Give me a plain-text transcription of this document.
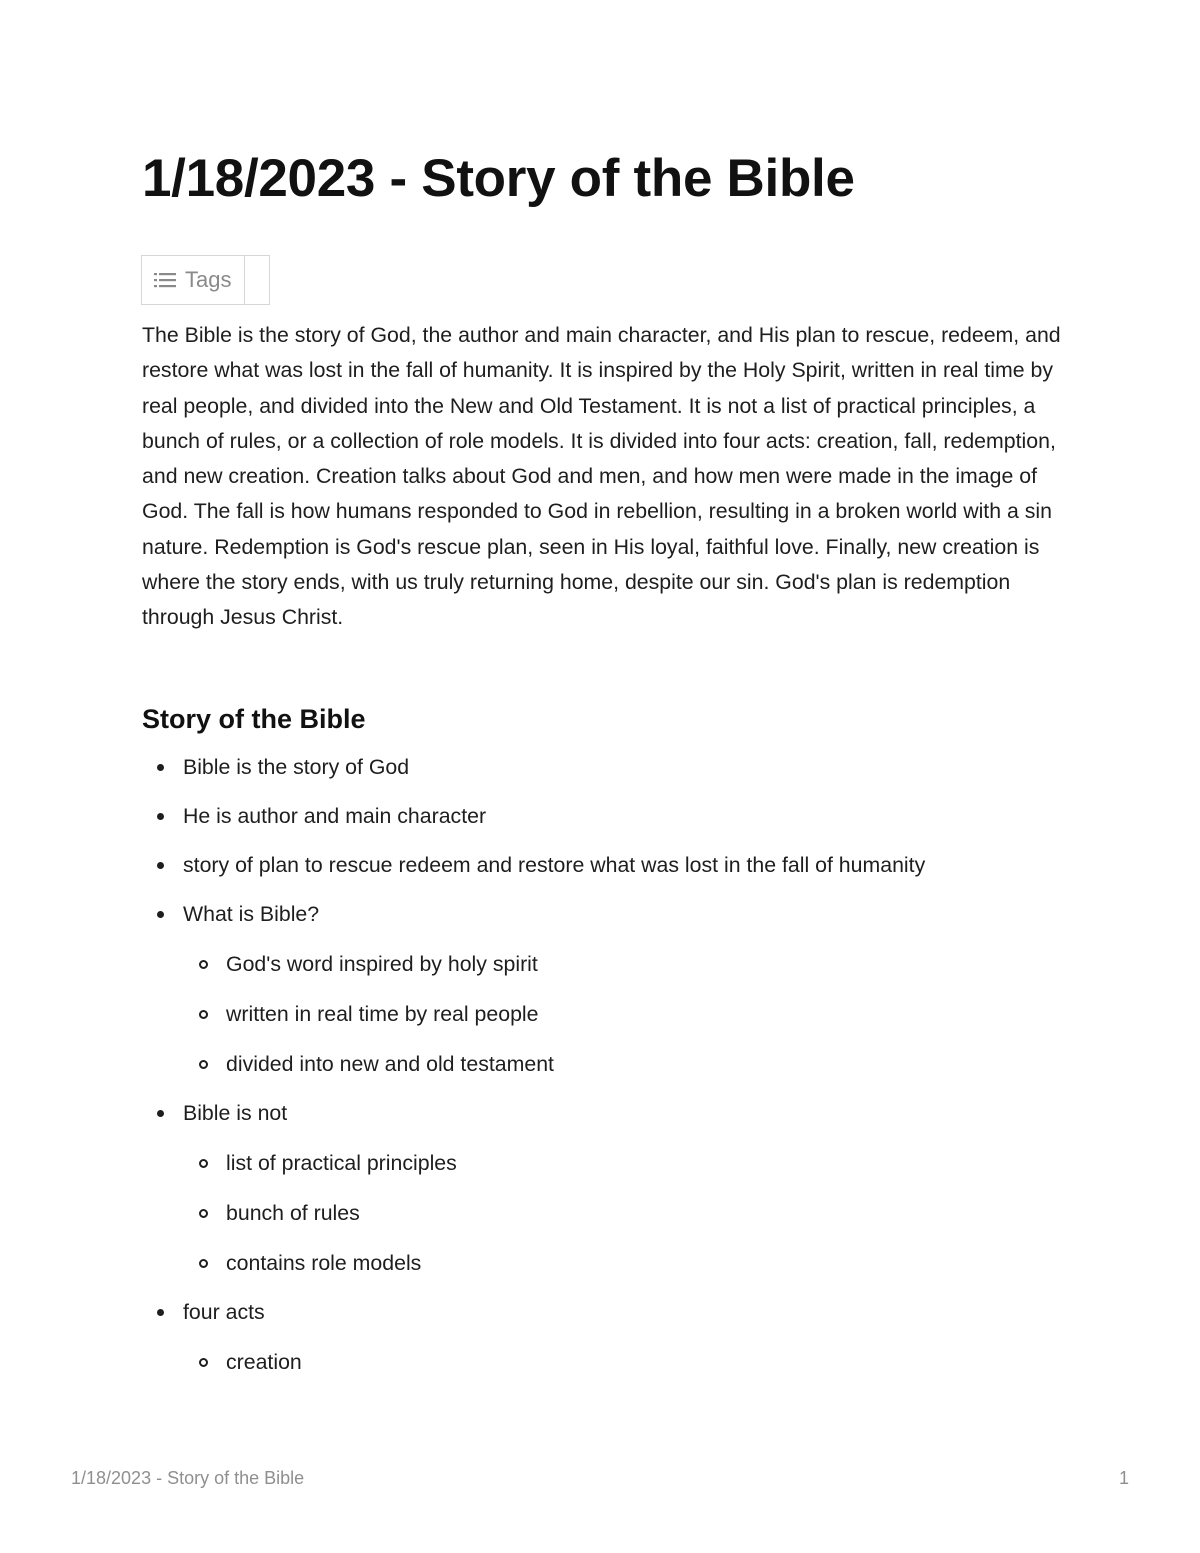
1/18/2023 - Story of the Bible
Tags

The Bible is the story of God, the author and main character, and His plan to rescue, redeem, and restore what was lost in the fall of humanity. It is inspired by the Holy Spirit, written in real time by real people, and divided into the New and Old Testament. It is not a list of practical principles, a bunch of rules, or a collection of role models. It is divided into four acts: creation, fall, redemption, and new creation. Creation talks about God and men, and how men were made in the image of God. The fall is how humans responded to God in rebellion, resulting in a broken world with a sin nature. Redemption is God's rescue plan, seen in His loyal, faithful love. Finally, new creation is where the story ends, with us truly returning home, despite our sin. God's plan is redemption through Jesus Christ.

Story of the Bible
Bible is the story of God
He is author and main character
story of plan to rescue redeem and restore what was lost in the fall of humanity
What is Bible?
God's word inspired by holy spirit
written in real time by real people
divided into new and old testament
Bible is not
list of practical principles
bunch of rules
contains role models
four acts
creation
1/18/2023 - Story of the Bible	1
